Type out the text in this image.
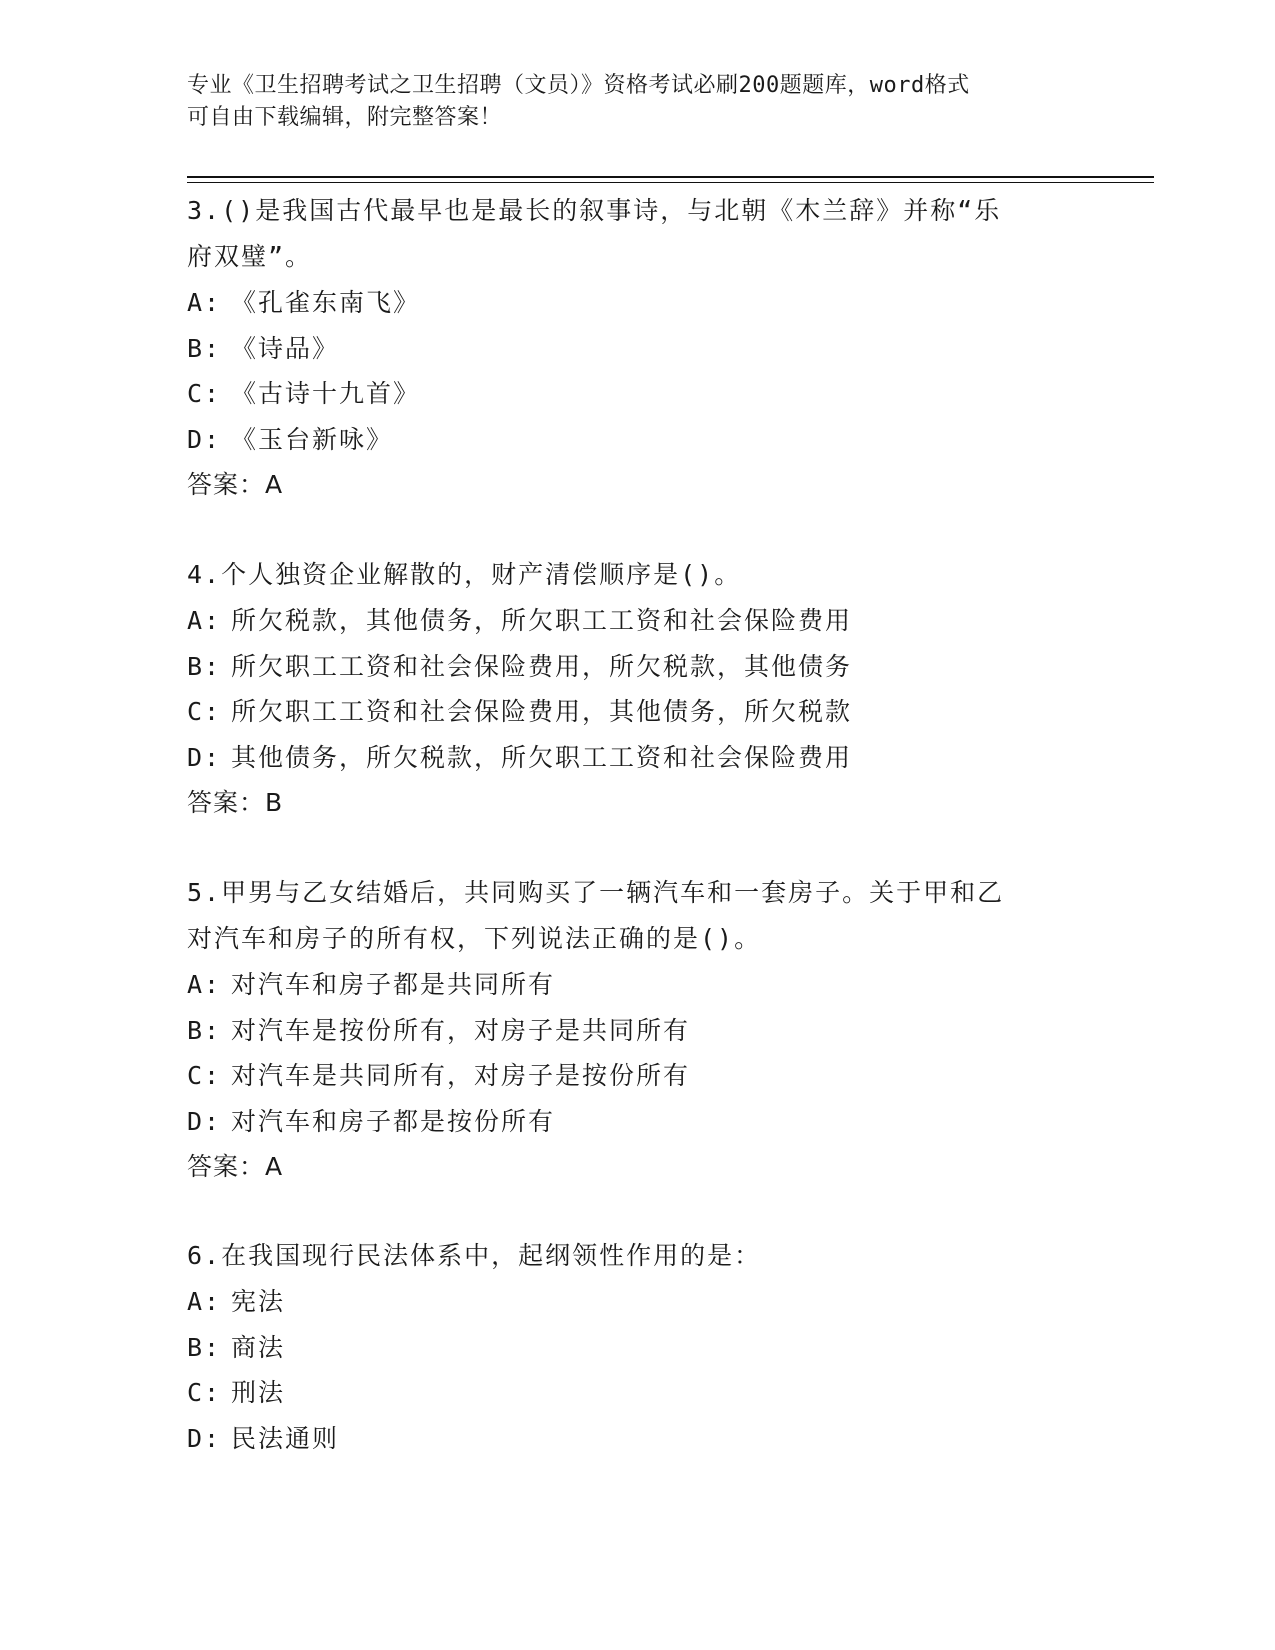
专业《卫生招聘考试之卫生招聘（文员）》资格考试必刷200题题库，word格式
可自由下载编辑，附完整答案！

3.()是我国古代最早也是最长的叙事诗，与北朝《木兰辞》并称“乐

府双璧”。

A: 《孔雀东南飞》

B: 《诗品》

C: 《古诗十九首》

D: 《玉台新咏》

答案：A

4.个人独资企业解散的，财产清偿顺序是()。

A: 所欠税款，其他债务，所欠职工工资和社会保险费用

B: 所欠职工工资和社会保险费用，所欠税款，其他债务

C: 所欠职工工资和社会保险费用，其他债务，所欠税款

D: 其他债务，所欠税款，所欠职工工资和社会保险费用

答案：B

5.甲男与乙女结婚后，共同购买了一辆汽车和一套房子。关于甲和乙

对汽车和房子的所有权，下列说法正确的是()。

A: 对汽车和房子都是共同所有

B: 对汽车是按份所有，对房子是共同所有

C: 对汽车是共同所有，对房子是按份所有

D: 对汽车和房子都是按份所有

答案：A

6.在我国现行民法体系中，起纲领性作用的是：

A: 宪法

B: 商法

C: 刑法

D: 民法通则
